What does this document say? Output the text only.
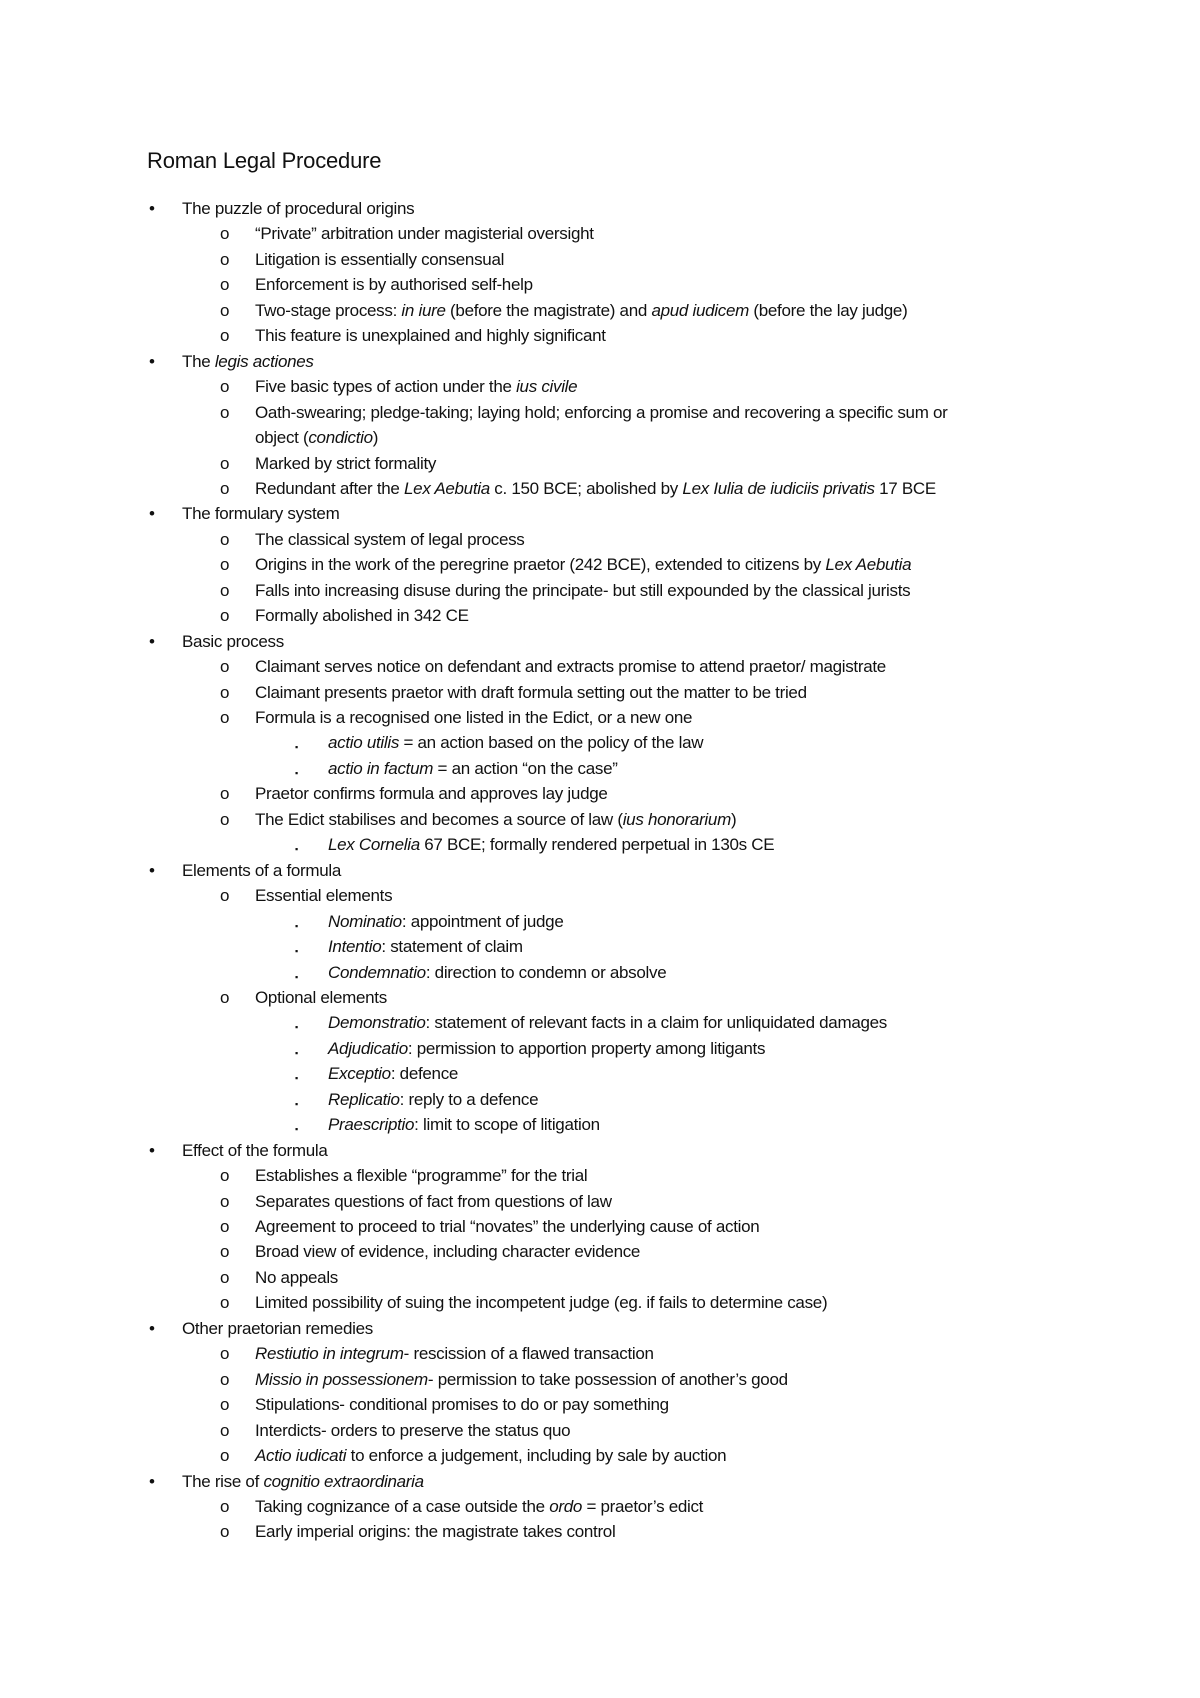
Roman Legal Procedure
• The puzzle of procedural origins
o “Private” arbitration under magisterial oversight
o Litigation is essentially consensual
o Enforcement is by authorised self-help
o Two-stage process: in iure (before the magistrate) and apud iudicem (before the lay judge)
o This feature is unexplained and highly significant
• The legis actiones
o Five basic types of action under the ius civile
o Oath-swearing; pledge-taking; laying hold; enforcing a promise and recovering a specific sum or
object (condictio)
o Marked by strict formality
o Redundant after the Lex Aebutia c. 150 BCE; abolished by Lex Iulia de iudiciis privatis 17 BCE
• The formulary system
o The classical system of legal process
o Origins in the work of the peregrine praetor (242 BCE), extended to citizens by Lex Aebutia
o Falls into increasing disuse during the principate- but still expounded by the classical jurists
o Formally abolished in 342 CE
• Basic process
o Claimant serves notice on defendant and extracts promise to attend praetor/ magistrate
o Claimant presents praetor with draft formula setting out the matter to be tried
o Formula is a recognised one listed in the Edict, or a new one
▪ actio utilis = an action based on the policy of the law
▪ actio in factum = an action “on the case”
o Praetor confirms formula and approves lay judge
o The Edict stabilises and becomes a source of law (ius honorarium)
▪ Lex Cornelia 67 BCE; formally rendered perpetual in 130s CE
• Elements of a formula
o Essential elements
▪ Nominatio: appointment of judge
▪ Intentio: statement of claim
▪ Condemnatio: direction to condemn or absolve
o Optional elements
▪ Demonstratio: statement of relevant facts in a claim for unliquidated damages
▪ Adjudicatio: permission to apportion property among litigants
▪ Exceptio: defence
▪ Replicatio: reply to a defence
▪ Praescriptio: limit to scope of litigation
• Effect of the formula
o Establishes a flexible “programme” for the trial
o Separates questions of fact from questions of law
o Agreement to proceed to trial “novates” the underlying cause of action
o Broad view of evidence, including character evidence
o No appeals
o Limited possibility of suing the incompetent judge (eg. if fails to determine case)
• Other praetorian remedies
o Restiutio in integrum- rescission of a flawed transaction
o Missio in possessionem- permission to take possession of another’s good
o Stipulations- conditional promises to do or pay something
o Interdicts- orders to preserve the status quo
o Actio iudicati to enforce a judgement, including by sale by auction
• The rise of cognitio extraordinaria
o Taking cognizance of a case outside the ordo = praetor’s edict
o Early imperial origins: the magistrate takes control
